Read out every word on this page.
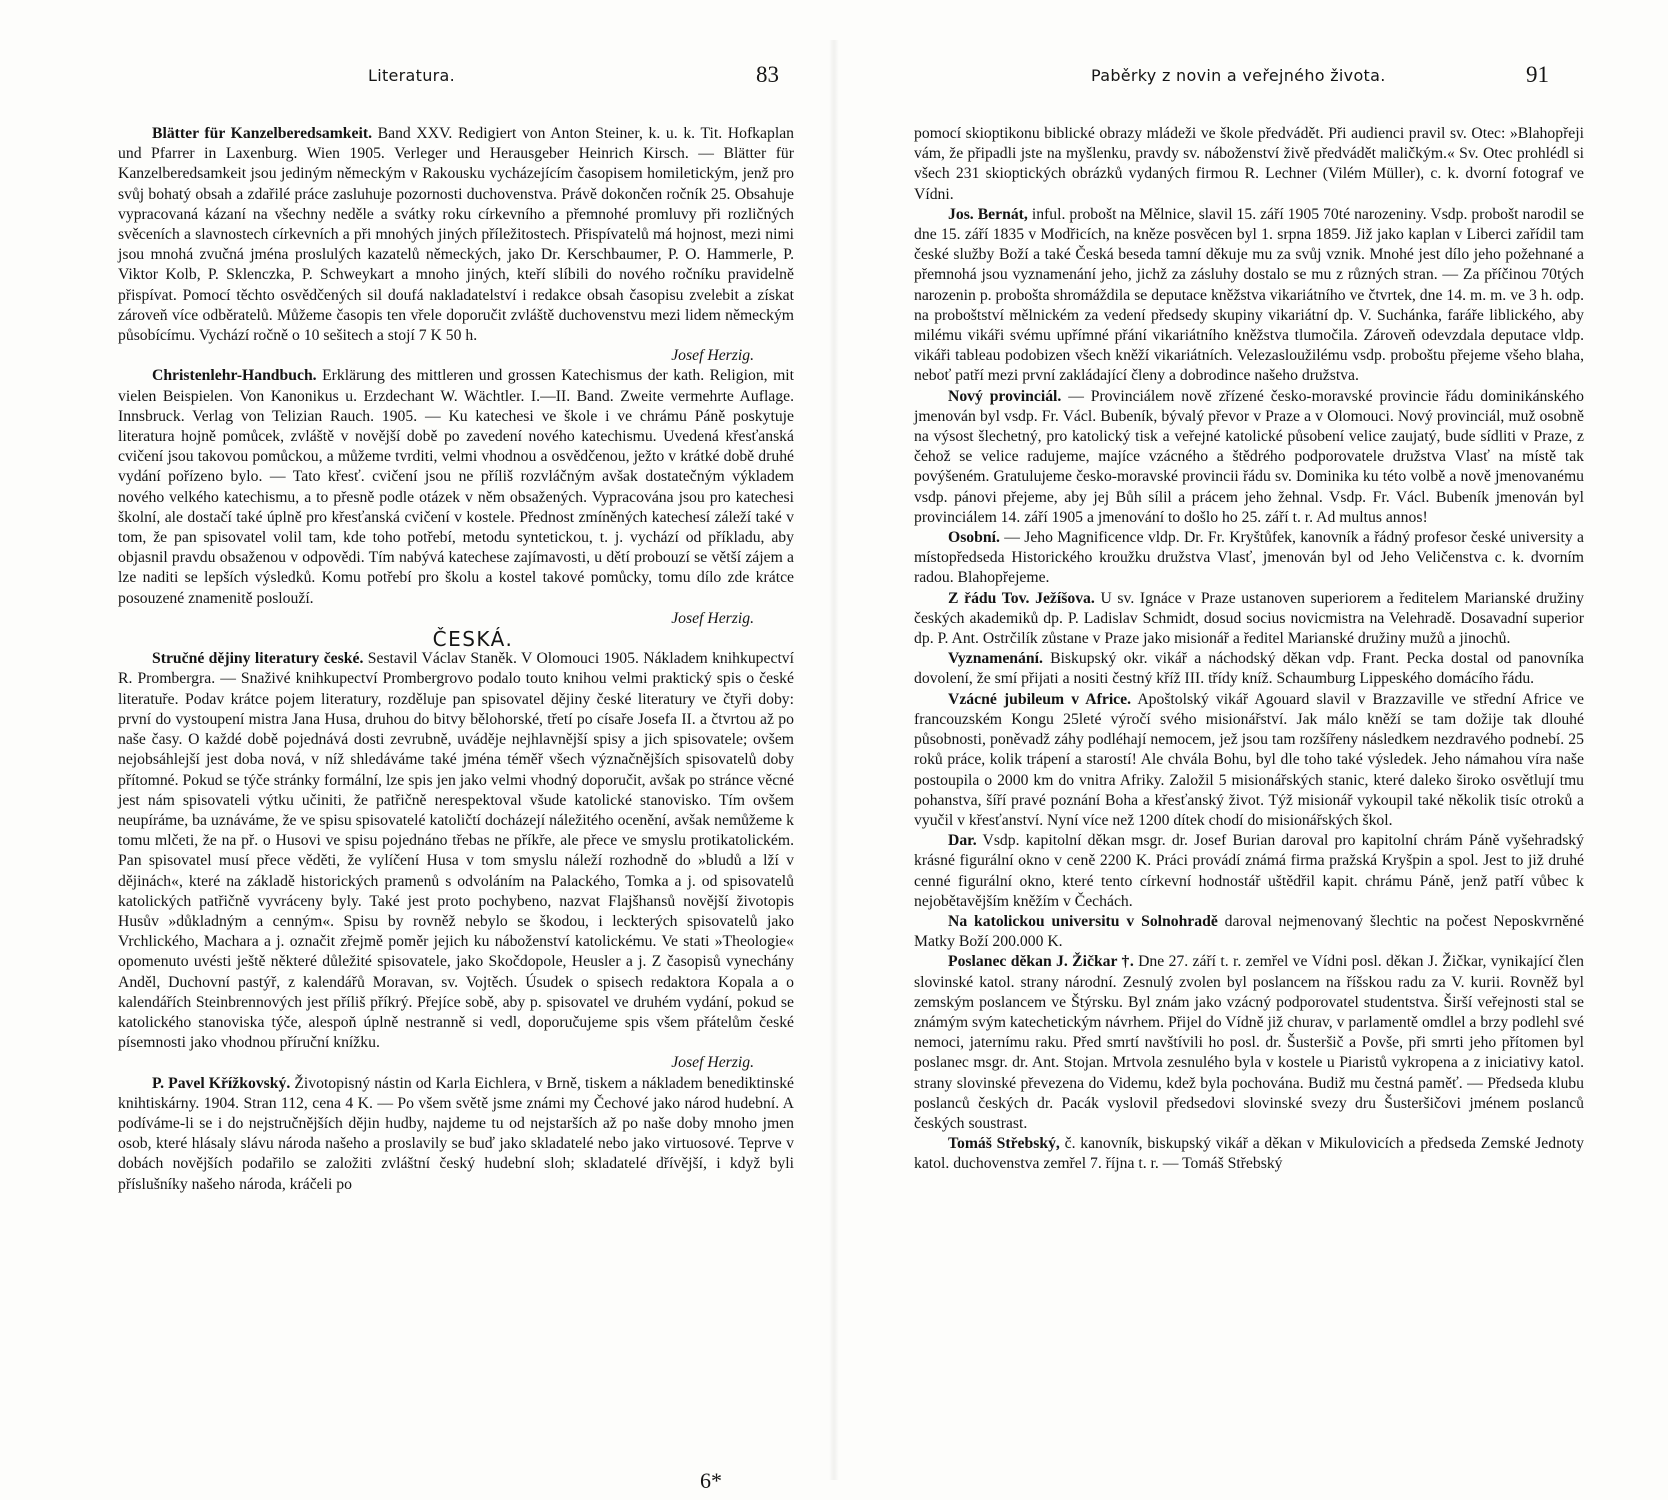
Literatura.	83

Blätter für Kanzelberedsamkeit. Band XXV. Redigiert von Anton Steiner, k. u. k. Tit. Hofkaplan und Pfarrer in Laxenburg. Wien 1905. Verleger und Herausgeber Heinrich Kirsch. — Blätter für Kanzelberedsamkeit jsou jediným německým v Rakousku vycházejícím časopisem homiletickým, jenž pro svůj bohatý obsah a zdařilé práce zasluhuje pozornosti duchovenstva. Právě dokončen ročník 25. Obsahuje vypracovaná kázaní na všechny neděle a svátky roku církevního a přemnohé promluvy při rozličných svěceních a slavnostech církevních a při mnohých jiných příležitostech. Přispívatelů má hojnost, mezi nimi jsou mnohá zvučná jména proslulých kazatelů německých, jako Dr. Kerschbaumer, P. O. Hammerle, P. Viktor Kolb, P. Sklenczka, P. Schweykart a mnoho jiných, kteří slíbili do nového ročníku pravidelně přispívat. Pomocí těchto osvědčených sil doufá nakladatelství i redakce obsah časopisu zvelebit a získat zároveň více odběratelů. Můžeme časopis ten vřele doporučit zvláště duchovenstvu mezi lidem německým působícímu. Vychází ročně o 10 sešitech a stojí 7 K 50 h.

Josef Herzig.

Christenlehr-Handbuch. Erklärung des mittleren und grossen Katechismus der kath. Religion, mit vielen Beispielen. Von Kanonikus u. Erzdechant W. Wächtler. I.—II. Band. Zweite vermehrte Auflage. Innsbruck. Verlag von Telizian Rauch. 1905. — Ku katechesi ve škole i ve chrámu Páně poskytuje literatura hojně pomůcek, zvláště v novější době po zavedení nového katechismu. Uvedená křesťanská cvičení jsou takovou pomůckou, a můžeme tvrditi, velmi vhodnou a osvědčenou, ježto v krátké době druhé vydání pořízeno bylo. — Tato křesť. cvičení jsou ne příliš rozvláčným avšak dostatečným výkladem nového velkého katechismu, a to přesně podle otázek v něm obsažených. Vypracována jsou pro katechesi školní, ale dostačí také úplně pro křesťanská cvičení v kostele. Přednost zmíněných katechesí záleží také v tom, že pan spisovatel volil tam, kde toho potřebí, metodu syntetickou, t. j. vychází od příkladu, aby objasnil pravdu obsaženou v odpovědi. Tím nabývá katechese zajímavosti, u dětí probouzí se větší zájem a lze naditi se lepších výsledků. Komu potřebí pro školu a kostel takové pomůcky, tomu dílo zde krátce posouzené znamenitě poslouží.

Josef Herzig.

ČESKÁ.

Stručné dějiny literatury české. Sestavil Václav Staněk. V Olomouci 1905. Nákladem knihkupectví R. Prombergra. — Snaživé knihkupectví Prombergrovo podalo touto knihou velmi praktický spis o české literatuře. Podav krátce pojem literatury, rozděluje pan spisovatel dějiny české literatury ve čtyři doby: první do vystoupení mistra Jana Husa, druhou do bitvy bělohorské, třetí po císaře Josefa II. a čtvrtou až po naše časy. O každé době pojednává dosti zevrubně, uváděje nejhlavnější spisy a jich spisovatele; ovšem nejobsáhlejší jest doba nová, v níž shledáváme také jména téměř všech význačnějších spisovatelů doby přítomné. Pokud se týče stránky formální, lze spis jen jako velmi vhodný doporučit, avšak po stránce věcné jest nám spisovateli výtku učiniti, že patřičně nerespektoval všude katolické stanovisko. Tím ovšem neupíráme, ba uznáváme, že ve spisu spisovatelé katoličtí docházejí náležitého ocenění, avšak nemůžeme k tomu mlčeti, že na př. o Husovi ve spisu pojednáno třebas ne příkře, ale přece ve smyslu protikatolickém. Pan spisovatel musí přece věděti, že vylíčení Husa v tom smyslu náleží rozhodně do »bludů a lží v dějinách«, které na základě historických pramenů s odvoláním na Palackého, Tomka a j. od spisovatelů katolických patřičně vyvráceny byly. Také jest proto pochybeno, nazvat Flajšhansů novější životopis Husův »důkladným a cenným«. Spisu by rovněž nebylo se škodou, i leckterých spisovatelů jako Vrchlického, Machara a j. označit zřejmě poměr jejich ku náboženství katolickému. Ve stati »Theologie« opomenuto uvésti ještě některé důležité spisovatele, jako Skočdopole, Heusler a j. Z časopisů vynechány Anděl, Duchovní pastýř, z kalendářů Moravan, sv. Vojtěch. Úsudek o spisech redaktora Kopala a o kalendářích Steinbrennových jest příliš příkrý. Přejíce sobě, aby p. spisovatel ve druhém vydání, pokud se katolického stanoviska týče, alespoň úplně nestranně si vedl, doporučujeme spis všem přátelům české písemnosti jako vhodnou příruční knížku.

Josef Herzig.

P. Pavel Křížkovský. Životopisný nástin od Karla Eichlera, v Brně, tiskem a nákladem benediktinské knihtiskárny. 1904. Stran 112, cena 4 K. — Po všem světě jsme známi my Čechové jako národ hudební. A podíváme-li se i do nejstručnějších dějin hudby, najdeme tu od nejstarších až po naše doby mnoho jmen osob, které hlásaly slávu národa našeho a proslavily se buď jako skladatelé nebo jako virtuosové. Teprve v dobách novějších podařilo se založiti zvláštní český hudební sloh; skladatelé dřívější, i když byli příslušníky našeho národa, kráčeli po

6*
Paběrky z novin a veřejného života.	91

pomocí skioptikonu biblické obrazy mládeži ve škole předvádět. Při audienci pravil sv. Otec: »Blahopřeji vám, že připadli jste na myšlenku, pravdy sv. náboženství živě předvádět maličkým.« Sv. Otec prohlédl si všech 231 skioptických obrázků vydaných firmou R. Lechner (Vilém Müller), c. k. dvorní fotograf ve Vídni.

Jos. Bernát, inful. probošt na Mělnice, slavil 15. září 1905 70té narozeniny. Vsdp. probošt narodil se dne 15. září 1835 v Modřicích, na kněze posvěcen byl 1. srpna 1859. Již jako kaplan v Liberci zařídil tam české služby Boží a také Česká beseda tamní děkuje mu za svůj vznik. Mnohé jest dílo jeho požehnané a přemnohá jsou vyznamenání jeho, jichž za zásluhy dostalo se mu z různých stran. — Za příčinou 70tých narozenin p. probošta shromáždila se deputace kněžstva vikariátního ve čtvrtek, dne 14. m. m. ve 3 h. odp. na proboštství mělnickém za vedení předsedy skupiny vikariátní dp. V. Suchánka, faráře liblického, aby milému vikáři svému upřímné přání vikariátního kněžstva tlumočila. Zároveň odevzdala deputace vldp. vikáři tableau podobizen všech kněží vikariátních. Velezasloužilému vsdp. proboštu přejeme všeho blaha, neboť patří mezi první zakládající členy a dobrodince našeho družstva.

Nový provinciál. — Provinciálem nově zřízené česko-moravské provincie řádu dominikánského jmenován byl vsdp. Fr. Václ. Bubeník, bývalý převor v Praze a v Olomouci. Nový provinciál, muž osobně na výsost šlechetný, pro katolický tisk a veřejné katolické působení velice zaujatý, bude sídliti v Praze, z čehož se velice radujeme, majíce vzácného a štědrého podporovatele družstva Vlasť na místě tak povýšeném. Gratulujeme česko-moravské provincii řádu sv. Dominika ku této volbě a nově jmenovanému vsdp. pánovi přejeme, aby jej Bůh sílil a prácem jeho žehnal. Vsdp. Fr. Václ. Bubeník jmenován byl provinciálem 14. září 1905 a jmenování to došlo ho 25. září t. r. Ad multus annos!

Osobní. — Jeho Magnificence vldp. Dr. Fr. Kryštůfek, kanovník a řádný profesor české university a místopředseda Historického kroužku družstva Vlasť, jmenován byl od Jeho Veličenstva c. k. dvorním radou. Blahopřejeme.

Z řádu Tov. Ježíšova. U sv. Ignáce v Praze ustanoven superiorem a ředitelem Marianské družiny českých akademiků dp. P. Ladislav Schmidt, dosud socius novicmistra na Velehradě. Dosavadní superior dp. P. Ant. Ostrčilík zůstane v Praze jako misionář a ředitel Marianské družiny mužů a jinochů.

Vyznamenání. Biskupský okr. vikář a náchodský děkan vdp. Frant. Pecka dostal od panovníka dovolení, že smí přijati a nositi čestný kříž III. třídy kníž. Schaumburg Lippeského domácího řádu.

Vzácné jubileum v Africe. Apoštolský vikář Agouard slavil v Brazzaville ve střední Africe ve francouzském Kongu 25leté výročí svého misionářství. Jak málo kněží se tam dožije tak dlouhé působnosti, poněvadž záhy podléhají nemocem, jež jsou tam rozšířeny následkem nezdravého podnebí. 25 roků práce, kolik trápení a starostí! Ale chvála Bohu, byl dle toho také výsledek. Jeho námahou víra naše postoupila o 2000 km do vnitra Afriky. Založil 5 misionářských stanic, které daleko široko osvětlují tmu pohanstva, šíří pravé poznání Boha a křesťanský život. Týž misionář vykoupil také několik tisíc otroků a vyučil v křesťanství. Nyní více než 1200 dítek chodí do misionářských škol.

Dar. Vsdp. kapitolní děkan msgr. dr. Josef Burian daroval pro kapitolní chrám Páně vyšehradský krásné figurální okno v ceně 2200 K. Práci provádí známá firma pražská Kryšpin a spol. Jest to již druhé cenné figurální okno, které tento církevní hodnostář uštědřil kapit. chrámu Páně, jenž patří vůbec k nejobětavějším kněžím v Čechách.

Na katolickou universitu v Solnohradě daroval nejmenovaný šlechtic na počest Neposkvrněné Matky Boží 200.000 K.

Poslanec děkan J. Žičkar †. Dne 27. září t. r. zemřel ve Vídni posl. děkan J. Žičkar, vynikající člen slovinské katol. strany národní. Zesnulý zvolen byl poslancem na říšskou radu za V. kurii. Rovněž byl zemským poslancem ve Štýrsku. Byl znám jako vzácný podporovatel studentstva. Širší veřejnosti stal se známým svým katechetickým návrhem. Přijel do Vídně již churav, v parlamentě omdlel a brzy podlehl své nemoci, jaternímu raku. Před smrtí navštívili ho posl. dr. Šusteršič a Povše, při smrti jeho přítomen byl poslanec msgr. dr. Ant. Stojan. Mrtvola zesnulého byla v kostele u Piaristů vykropena a z iniciativy katol. strany slovinské převezena do Videmu, kdež byla pochována. Budiž mu čestná paměť. — Předseda klubu poslanců českých dr. Pacák vyslovil předsedovi slovinské svezy dru Šusteršičovi jménem poslanců českých soustrast.

Tomáš Střebský, č. kanovník, biskupský vikář a děkan v Mikulovicích a předseda Zemské Jednoty katol. duchovenstva zemřel 7. října t. r. — Tomáš Střebský
